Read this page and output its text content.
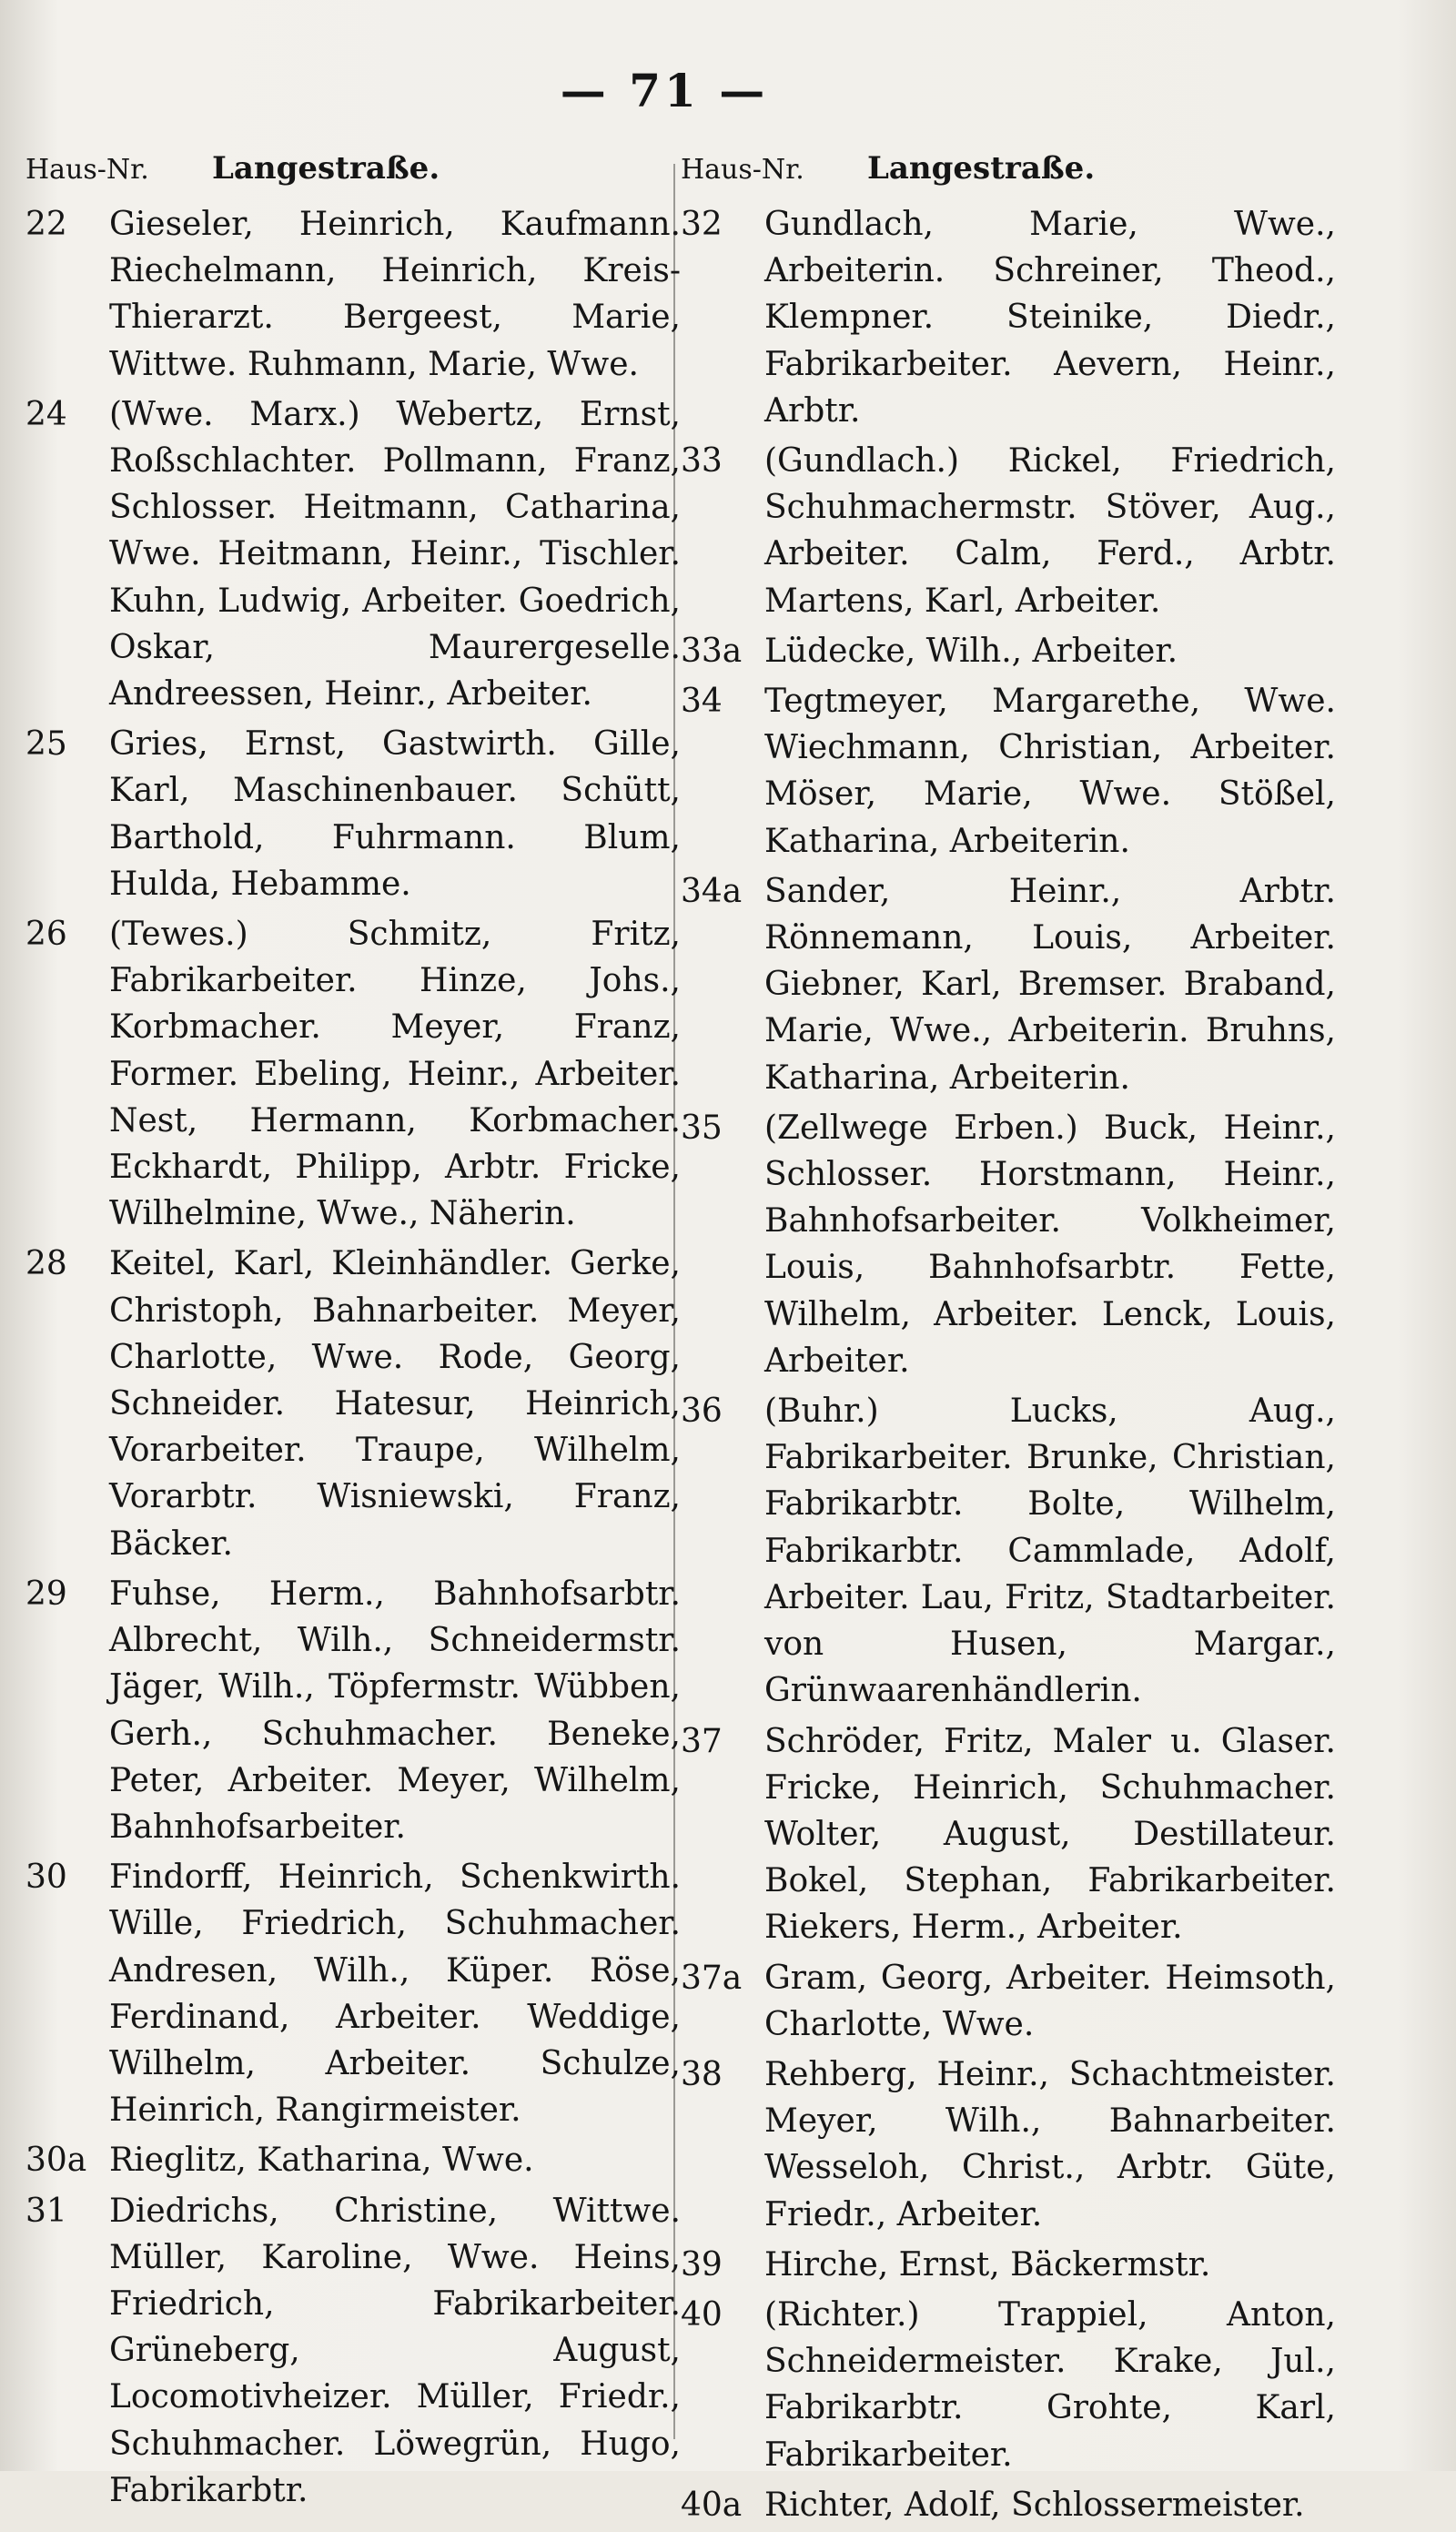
— 71 —
Haus-Nr.	Langestraße.
22	Gieseler, Heinrich, Kaufmann. Riechelmann, Heinrich, Kreis-Thierarzt. Bergeest, Marie, Wittwe. Ruhmann, Marie, Wwe.
24	(Wwe. Marx.) Webertz, Ernst, Roßschlachter. Pollmann, Franz, Schlosser. Heitmann, Catharina, Wwe. Heitmann, Heinr., Tischler. Kuhn, Ludwig, Arbeiter. Goedrich, Oskar, Maurergeselle. Andreessen, Heinr., Arbeiter.
25	Gries, Ernst, Gastwirth. Gille, Karl, Maschinenbauer. Schütt, Barthold, Fuhrmann. Blum, Hulda, Hebamme.
26	(Tewes.) Schmitz, Fritz, Fabrikarbeiter. Hinze, Johs., Korbmacher. Meyer, Franz, Former. Ebeling, Heinr., Arbeiter. Nest, Hermann, Korbmacher. Eckhardt, Philipp, Arbtr. Fricke, Wilhelmine, Wwe., Näherin.
28	Keitel, Karl, Kleinhändler. Gerke, Christoph, Bahnarbeiter. Meyer, Charlotte, Wwe. Rode, Georg, Schneider. Hatesur, Heinrich, Vorarbeiter. Traupe, Wilhelm, Vorarbtr. Wisniewski, Franz, Bäcker.
29	Fuhse, Herm., Bahnhofsarbtr. Albrecht, Wilh., Schneidermstr. Jäger, Wilh., Töpfermstr. Wübben, Gerh., Schuhmacher. Beneke, Peter, Arbeiter. Meyer, Wilhelm, Bahnhofsarbeiter.
30	Findorff, Heinrich, Schenkwirth. Wille, Friedrich, Schuhmacher. Andresen, Wilh., Küper. Röse, Ferdinand, Arbeiter. Weddige, Wilhelm, Arbeiter. Schulze, Heinrich, Rangirmeister.
30a Rieglitz, Katharina, Wwe.
31	Diedrichs, Christine, Wittwe. Müller, Karoline, Wwe. Heins, Friedrich, Fabrikarbeiter. Grüneberg, August, Locomotivheizer. Müller, Friedr., Schuhmacher. Löwegrün, Hugo, Fabrikarbtr.
Haus-Nr.	Langestraße.
32	Gundlach, Marie, Wwe., Arbeiterin. Schreiner, Theod., Klempner. Steinike, Diedr., Fabrikarbeiter. Aevern, Heinr., Arbtr.
33	(Gundlach.) Rickel, Friedrich, Schuhmachermstr. Stöver, Aug., Arbeiter. Calm, Ferd., Arbtr. Martens, Karl, Arbeiter.
33a Lüdecke, Wilh., Arbeiter.
34	Tegtmeyer, Margarethe, Wwe. Wiechmann, Christian, Arbeiter. Möser, Marie, Wwe. Stößel, Katharina, Arbeiterin.
34a Sander, Heinr., Arbtr. Rönnemann, Louis, Arbeiter. Giebner, Karl, Bremser. Braband, Marie, Wwe., Arbeiterin. Bruhns, Katharina, Arbeiterin.
35	(Zellwege Erben.) Buck, Heinr., Schlosser. Horstmann, Heinr., Bahnhofsarbeiter. Volkheimer, Louis, Bahnhofsarbtr. Fette, Wilhelm, Arbeiter. Lenck, Louis, Arbeiter.
36	(Buhr.) Lucks, Aug., Fabrikarbeiter. Brunke, Christian, Fabrikarbtr. Bolte, Wilhelm, Fabrikarbtr. Cammlade, Adolf, Arbeiter. Lau, Fritz, Stadtarbeiter. von Husen, Margar., Grünwaarenhändlerin.
37	Schröder, Fritz, Maler u. Glaser. Fricke, Heinrich, Schuhmacher. Wolter, August, Destillateur. Bokel, Stephan, Fabrikarbeiter. Riekers, Herm., Arbeiter.
37a Gram, Georg, Arbeiter. Heimsoth, Charlotte, Wwe.
38	Rehberg, Heinr., Schachtmeister. Meyer, Wilh., Bahnarbeiter. Wesseloh, Christ., Arbtr. Güte, Friedr., Arbeiter.
39	Hirche, Ernst, Bäckermstr.
40	(Richter.) Trappiel, Anton, Schneidermeister. Krake, Jul., Fabrikarbtr. Grohte, Karl, Fabrikarbeiter.
40a Richter, Adolf, Schlossermeister.
